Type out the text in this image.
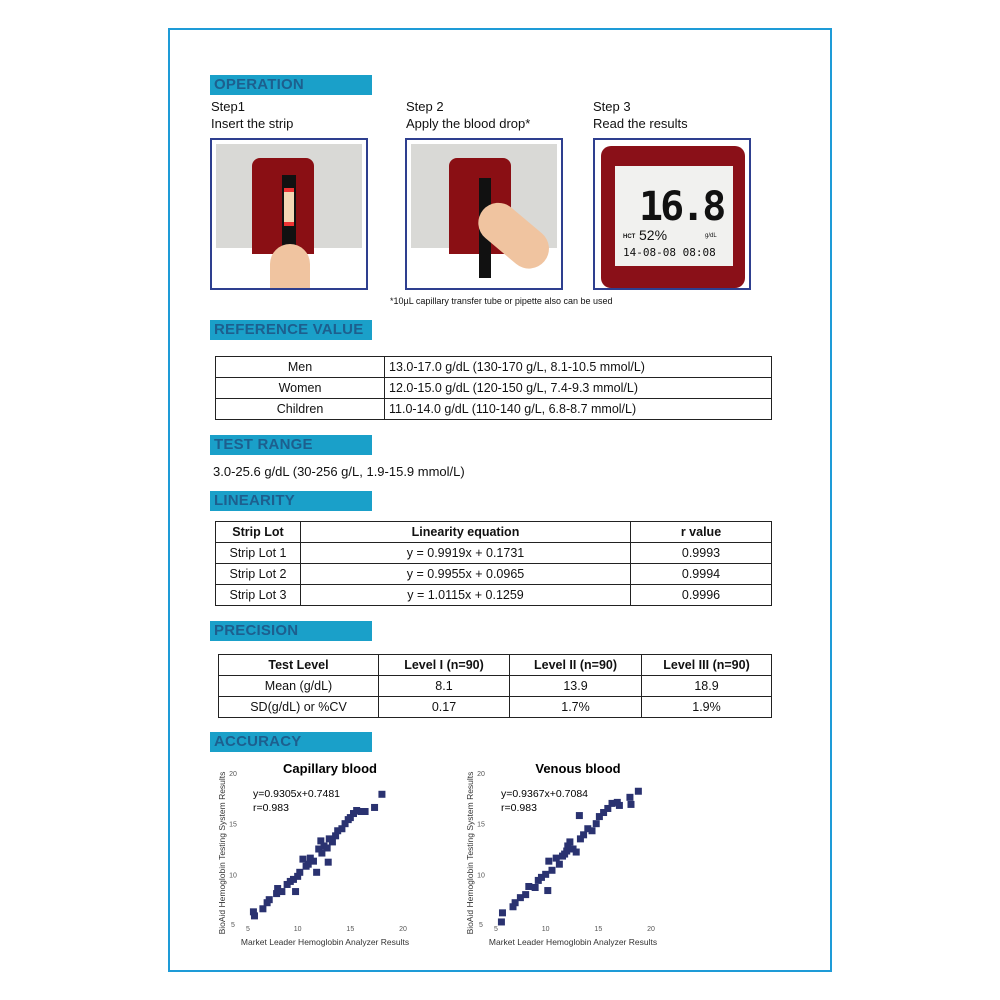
OPERATION
Step1
Insert the strip
Step 2
Apply the blood drop*
Step 3
Read the results
16.8
HCT 52%	g/dL
14-08-08 08:08
*10µL capillary transfer tube or pipette also can be used
REFERENCE VALUE
Men	13.0-17.0 g/dL (130-170 g/L, 8.1-10.5 mmol/L)
Women	12.0-15.0 g/dL (120-150 g/L, 7.4-9.3 mmol/L)
Children	11.0-14.0 g/dL (110-140 g/L, 6.8-8.7 mmol/L)
TEST RANGE
3.0-25.6 g/dL (30-256 g/L, 1.9-15.9 mmol/L)
LINEARITY
Strip Lot	Linearity equation	r value
Strip Lot 1	y = 0.9919x + 0.1731	0.9993
Strip Lot 2	y = 0.9955x + 0.0965	0.9994
Strip Lot 3	y = 1.0115x + 0.1259	0.9996
PRECISION
Test Level	Level I (n=90)	Level II (n=90)	Level III (n=90)
Mean (g/dL)	8.1	13.9	18.9
SD(g/dL) or %CV	0.17	1.7%	1.9%
ACCURACY
Capillary blood
y=0.9305x+0.7481
r=0.983
5	10	15	20
5
10
15
20
Market Leader Hemoglobin Analyzer Results
BioAid Hemoglobin Testing System Results
Venous blood
y=0.9367x+0.7084
r=0.983
5	10	15	20
5
10
15
20
Market Leader Hemoglobin Analyzer Results
BioAid Hemoglobin Testing System Results
